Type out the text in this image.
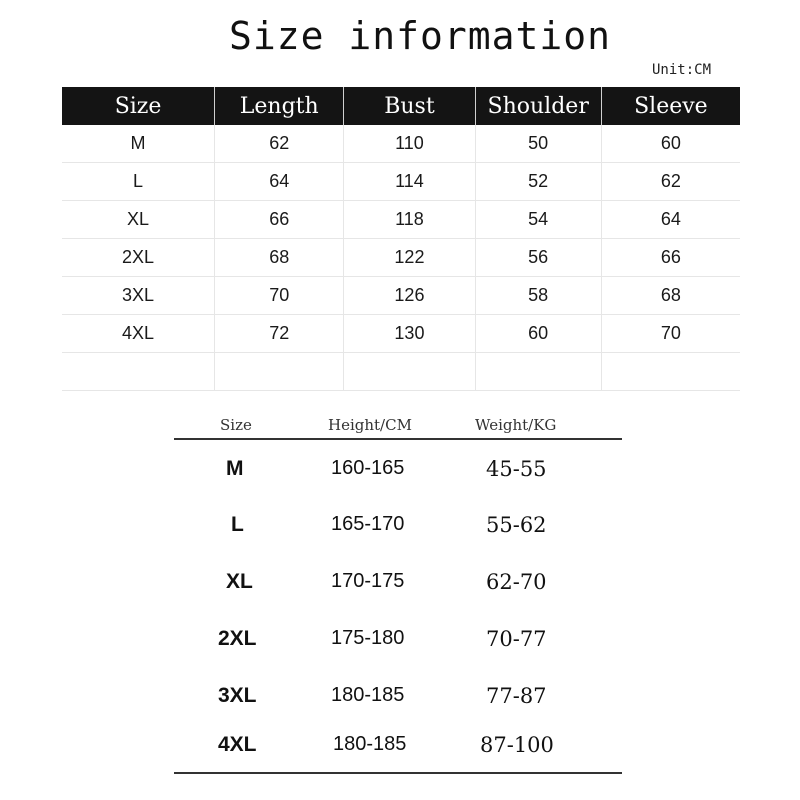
Size information
Unit:CM
Size	Length	Bust	Shoulder	Sleeve
M	62	110	50	60
L	64	114	52	62
XL	66	118	54	64
2XL	68	122	56	66
3XL	70	126	58	68
4XL	72	130	60	70
Size	Height/CM	Weight/KG
M	160-165	45-55
L	165-170	55-62
XL	170-175	62-70
2XL	175-180	70-77
3XL	180-185	77-87
4XL	180-185	87-100
